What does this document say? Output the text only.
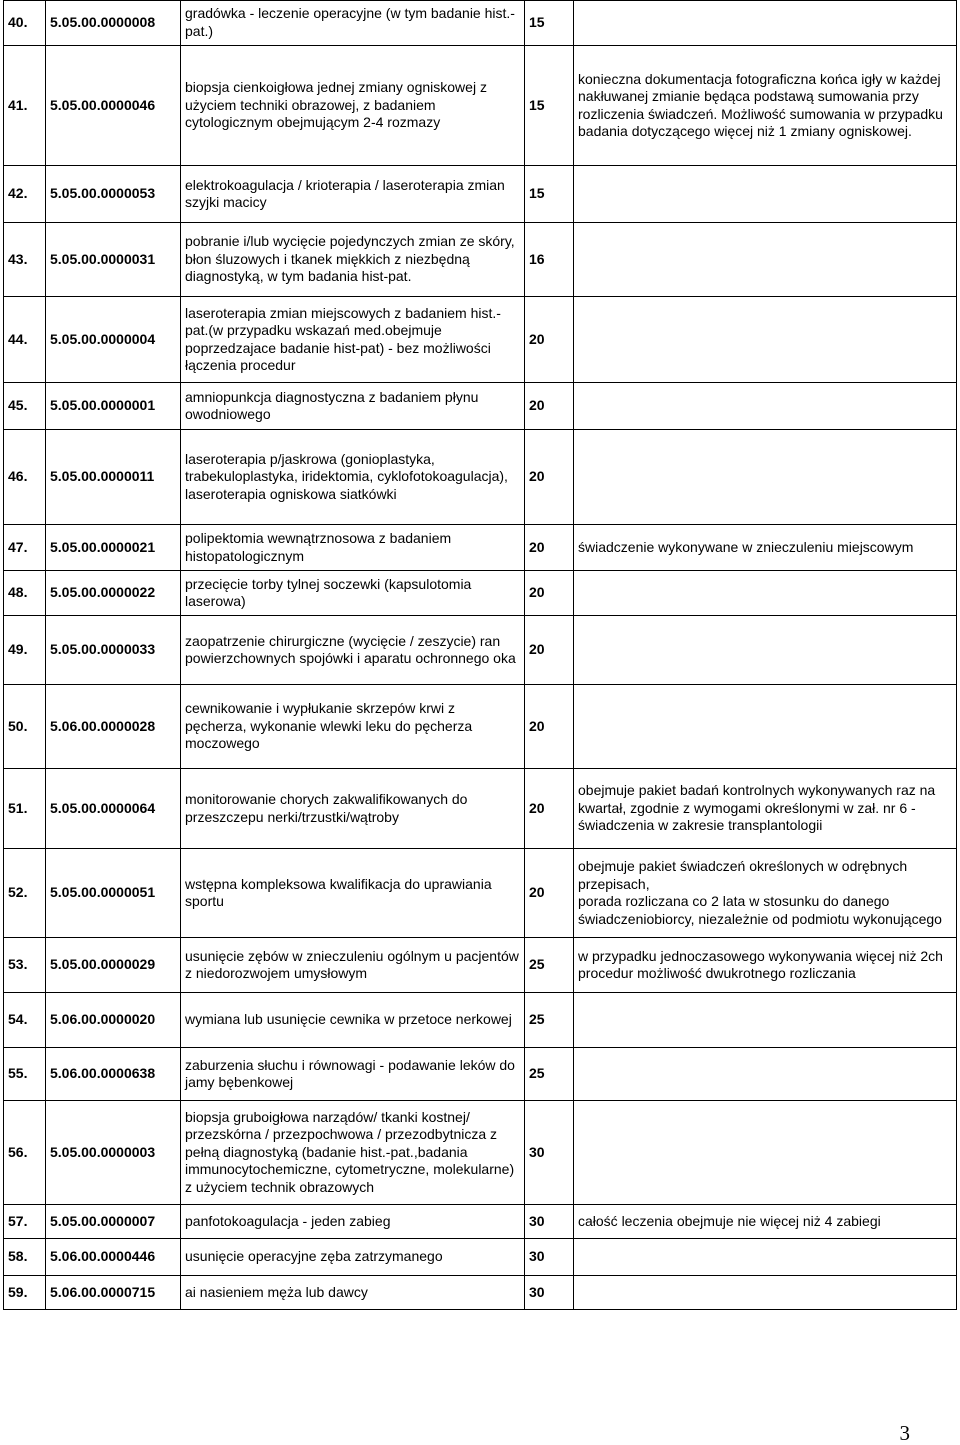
40.	5.05.00.0000008	gradówka - leczenie operacyjne (w tym badanie hist.-pat.)	15	
41.	5.05.00.0000046	biopsja cienkoigłowa jednej zmiany ogniskowej z użyciem techniki obrazowej, z badaniem cytologicznym obejmującym 2-4 rozmazy	15	konieczna dokumentacja fotograficzna końca igły w każdej nakłuwanej zmianie będąca podstawą sumowania przy rozliczenia świadczeń. Możliwość sumowania w przypadku badania dotyczącego więcej niż 1 zmiany ogniskowej.
42.	5.05.00.0000053	elektrokoagulacja / krioterapia / laseroterapia zmian szyjki macicy	15	
43.	5.05.00.0000031	pobranie i/lub wycięcie pojedynczych zmian ze skóry, błon śluzowych i tkanek miękkich z niezbędną diagnostyką, w tym badania hist-pat.	16	
44.	5.05.00.0000004	laseroterapia zmian miejscowych z badaniem hist.-pat.(w przypadku wskazań med.obejmuje poprzedzajace badanie hist-pat) - bez możliwości łączenia procedur	20	
45.	5.05.00.0000001	amniopunkcja diagnostyczna z badaniem płynu owodniowego	20	
46.	5.05.00.0000011	laseroterapia p/jaskrowa (gonioplastyka, trabekuloplastyka, iridektomia, cyklofotokoagulacja), laseroterapia ogniskowa siatkówki	20	
47.	5.05.00.0000021	polipektomia wewnątrznosowa z badaniem histopatologicznym	20	świadczenie wykonywane w znieczuleniu miejscowym
48.	5.05.00.0000022	przecięcie torby tylnej soczewki (kapsulotomia laserowa)	20	
49.	5.05.00.0000033	zaopatrzenie chirurgiczne (wycięcie / zeszycie) ran powierzchownych spojówki i aparatu ochronnego oka	20	
50.	5.06.00.0000028	cewnikowanie i wypłukanie skrzepów krwi z pęcherza, wykonanie wlewki leku do pęcherza moczowego	20	
51.	5.05.00.0000064	monitorowanie chorych zakwalifikowanych do przeszczepu nerki/trzustki/wątroby	20	obejmuje pakiet badań kontrolnych wykonywanych raz na kwartał, zgodnie z wymogami określonymi w zał. nr 6 - świadczenia w zakresie transplantologii
52.	5.05.00.0000051	wstępna kompleksowa kwalifikacja do uprawiania sportu	20	obejmuje pakiet świadczeń określonych w odrębnych przepisach,
porada rozliczana co 2 lata w stosunku do danego świadczeniobiorcy, niezależnie od podmiotu wykonującego
53.	5.05.00.0000029	usunięcie zębów w znieczuleniu ogólnym u pacjentów z niedorozwojem umysłowym	25	w przypadku jednoczasowego wykonywania więcej niż 2ch procedur możliwość dwukrotnego rozliczania
54.	5.06.00.0000020	wymiana lub usunięcie cewnika w przetoce nerkowej	25	
55.	5.06.00.0000638	zaburzenia słuchu i równowagi - podawanie leków do jamy bębenkowej	25	
56.	5.05.00.0000003	biopsja gruboigłowa narządów/ tkanki kostnej/ przezskórna / przezpochwowa / przezodbytnicza z pełną diagnostyką (badanie hist.-pat.,badania immunocytochemiczne, cytometryczne, molekularne) z użyciem technik obrazowych	30	
57.	5.05.00.0000007	panfotokoagulacja - jeden zabieg	30	całość leczenia obejmuje nie więcej niż 4 zabiegi
58.	5.06.00.0000446	usunięcie operacyjne zęba zatrzymanego	30	
59.	5.06.00.0000715	ai nasieniem męża lub dawcy	30	
3
